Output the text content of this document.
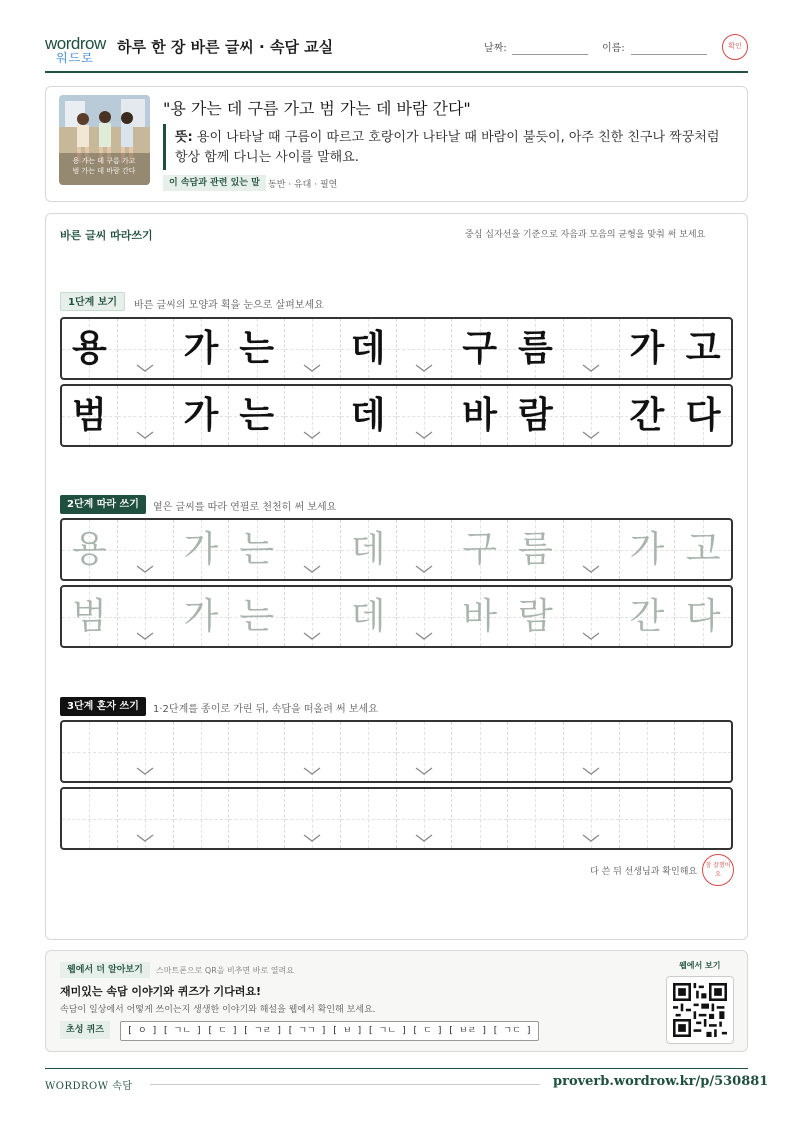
wordrow
워드로
하루 한 장 바른 글씨 · 속담 교실	날짜:	이름:	확인
용 가는 데 구름 가고
범 가는 데 바람 간다
"용 가는 데 구름 가고 범 가는 데 바람 간다"
뜻: 용이 나타날 때 구름이 따르고 호랑이가 나타날 때 바람이 불듯이, 아주 친한 친구나 짝꿍처럼 항상 함께 다니는 사이를 말해요.
이 속담과 관련 있는 말 동반 · 유대 · 필연
바른 글씨 따라쓰기	중심 십자선을 기준으로 자음과 모음의 균형을 맞춰 써 보세요
1단계 보기	바른 글씨의 모양과 획을 눈으로 살펴보세요
용 가 는 데 구 름 가 고
범 가 는 데 바 람 간 다
2단계 따라 쓰기	옅은 글씨를 따라 연필로 천천히 써 보세요
용 가 는 데 구 름 가 고
범 가 는 데 바 람 간 다
3단계 혼자 쓰기	1·2단계를 종이로 가린 뒤, 속담을 떠올려 써 보세요
다 쓴 뒤 선생님과 확인해요
참 잘했어요
웹에서 더 알아보기	스마트폰으로 QR을 비추면 바로 열려요
재미있는 속담 이야기와 퀴즈가 기다려요!
속담이 일상에서 어떻게 쓰이는지 생생한 이야기와 해설을 웹에서 확인해 보세요.
초성 퀴즈	[ ㅇ ] [ ㄱㄴ ] [ ㄷ ] [ ㄱㄹ ] [ ㄱㄱ ] [ ㅂ ] [ ㄱㄴ ] [ ㄷ ] [ ㅂㄹ ] [ ㄱㄷ ]
웹에서 보기
WORDROW 속담	proverb.wordrow.kr/p/530881
